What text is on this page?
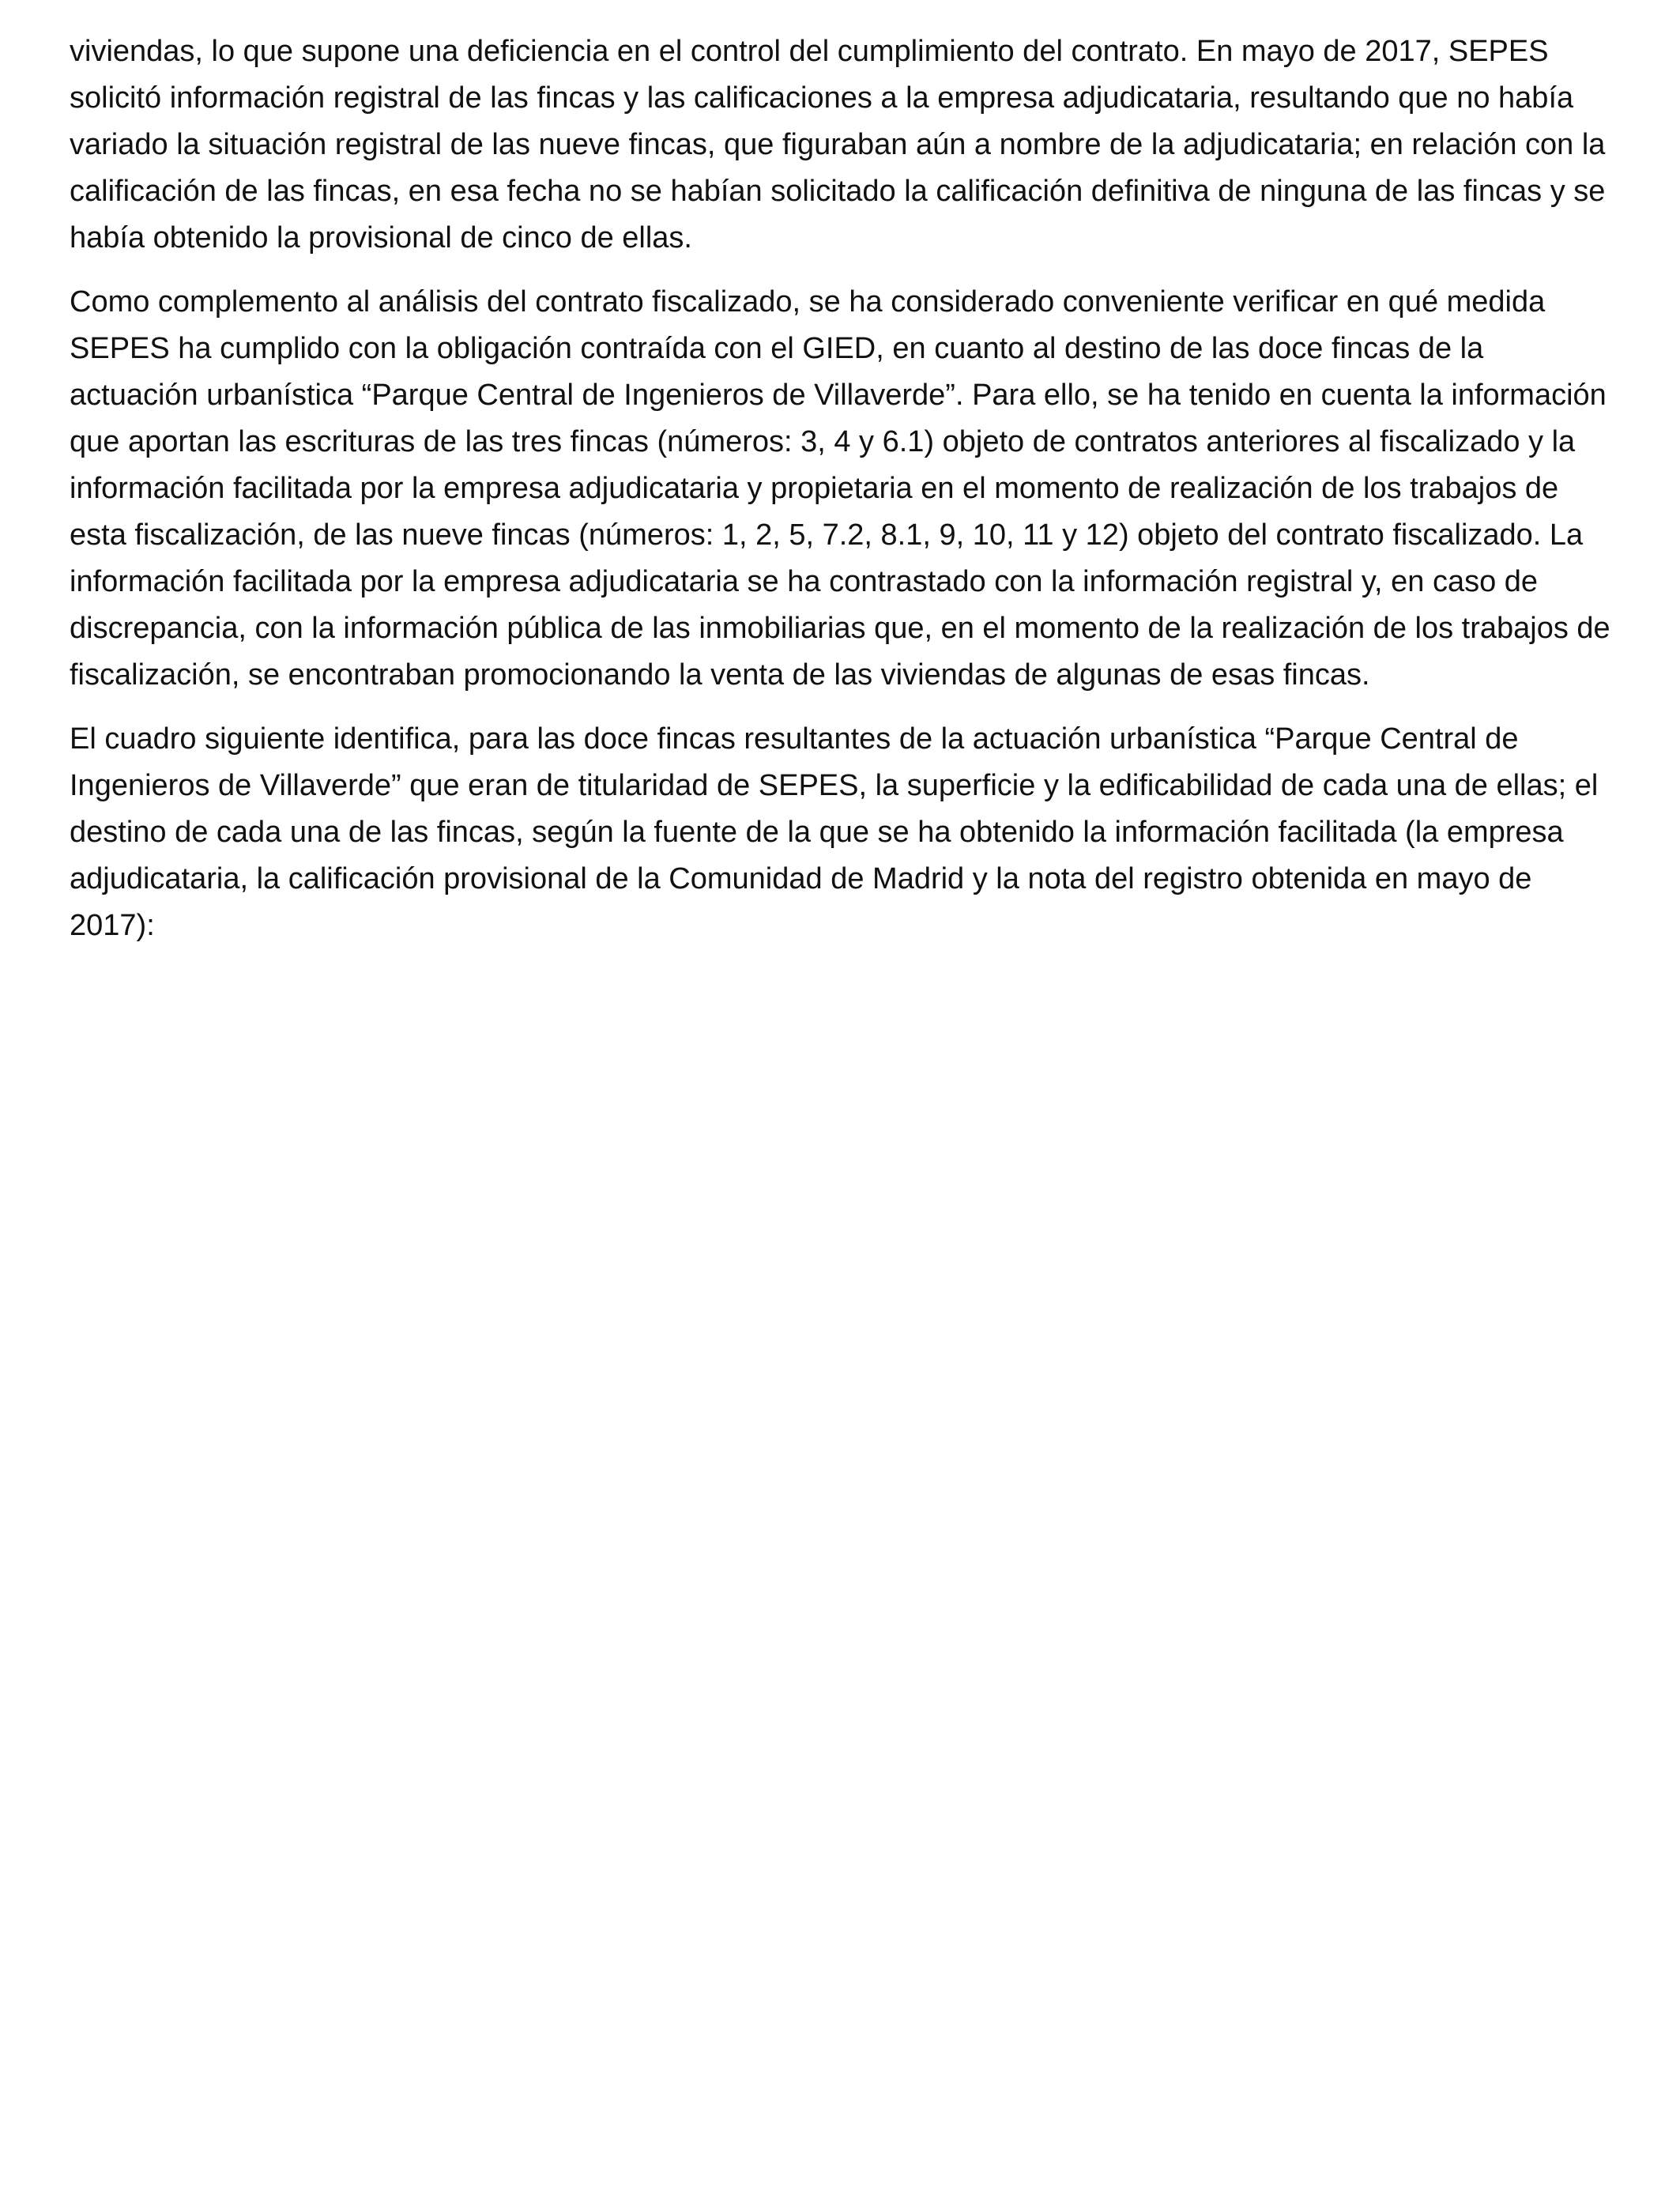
viviendas, lo que supone una deficiencia en el control del cumplimiento del contrato. En mayo de 2017, SEPES solicitó información registral de las fincas y las calificaciones a la empresa adjudicataria, resultando que no había variado la situación registral de las nueve fincas, que figuraban aún a nombre de la adjudicataria; en relación con la calificación de las fincas, en esa fecha no se habían solicitado la calificación definitiva de ninguna de las fincas y se había obtenido la provisional de cinco de ellas.

Como complemento al análisis del contrato fiscalizado, se ha considerado conveniente verificar en qué medida SEPES ha cumplido con la obligación contraída con el GIED, en cuanto al destino de las doce fincas de la actuación urbanística “Parque Central de Ingenieros de Villaverde”. Para ello, se ha tenido en cuenta la información que aportan las escrituras de las tres fincas (números: 3, 4 y 6.1) objeto de contratos anteriores al fiscalizado y la información facilitada por la empresa adjudicataria y propietaria en el momento de realización de los trabajos de esta fiscalización, de las nueve fincas (números: 1, 2, 5, 7.2, 8.1, 9, 10, 11 y 12) objeto del contrato fiscalizado. La información facilitada por la empresa adjudicataria se ha contrastado con la información registral y, en caso de discrepancia, con la información pública de las inmobiliarias que, en el momento de la realización de los trabajos de fiscalización, se encontraban promocionando la venta de las viviendas de algunas de esas fincas.

El cuadro siguiente identifica, para las doce fincas resultantes de la actuación urbanística “Parque Central de Ingenieros de Villaverde” que eran de titularidad de SEPES, la superficie y la edificabilidad de cada una de ellas; el destino de cada una de las fincas, según la fuente de la que se ha obtenido la información facilitada (la empresa adjudicataria, la calificación provisional de la Comunidad de Madrid y la nota del registro obtenida en mayo de 2017):
